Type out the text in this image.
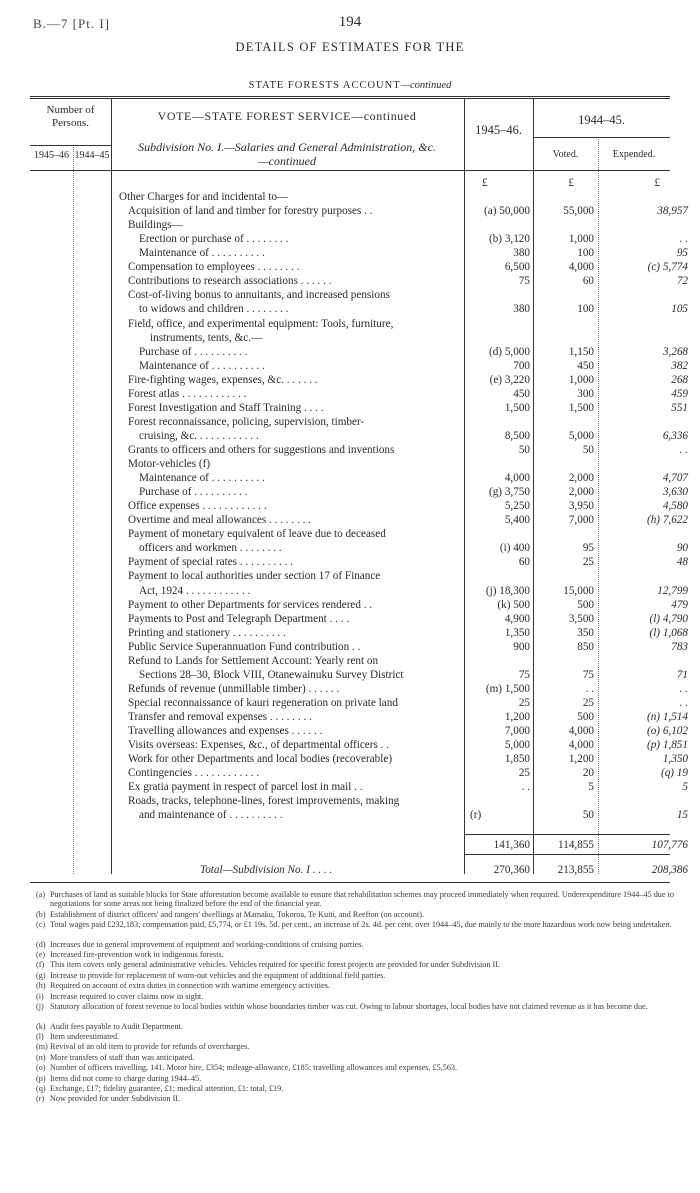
B.—7 [Pt. I]	194
DETAILS OF ESTIMATES FOR THE
STATE FORESTS ACCOUNT—continued
Number of Persons.
1945–46 1944–45
VOTE—STATE FOREST SERVICE—continued
Subdivision No. I.—Salaries and General Administration, &c.
—continued
1945–46.
1944–45.
Voted.	Expended.
£	£	£
Other Charges for and incidental to—
Acquisition of land and timber for forestry purposes . .	(a) 50,000	55,000	38,957
Buildings—
Erection or purchase of . . . . . . . .	(b) 3,120	1,000	. .
Maintenance of . . . . . . . . . .	380	100	95
Compensation to employees . . . . . . . .	6,500	4,000	(c) 5,774
Contributions to research associations . . . . . .	75	60	72
Cost-of-living bonus to annuitants, and increased pensions
to widows and children . . . . . . . .	380	100	105
Field, office, and experimental equipment: Tools, furniture,
instruments, tents, &c.—
Purchase of . . . . . . . . . .	(d) 5,000	1,150	3,268
Maintenance of . . . . . . . . . .	700	450	382
Fire-fighting wages, expenses, &c. . . . . . .	(e) 3,220	1,000	268
Forest atlas . . . . . . . . . . . .	450	300	459
Forest Investigation and Staff Training . . . .	1,500	1,500	551
Forest reconnaissance, policing, supervision, timber-
cruising, &c. . . . . . . . . . . .	8,500	5,000	6,336
Grants to officers and others for suggestions and inventions	50	50	. .
Motor-vehicles (f)
Maintenance of . . . . . . . . . .	4,000	2,000	4,707
Purchase of . . . . . . . . . .	(g) 3,750	2,000	3,630
Office expenses . . . . . . . . . . . .	5,250	3,950	4,580
Overtime and meal allowances . . . . . . . .	5,400	7,000	(h) 7,622
Payment of monetary equivalent of leave due to deceased
officers and workmen . . . . . . . .	(i) 400	95	90
Payment of special rates . . . . . . . . . .	60	25	48
Payment to local authorities under section 17 of Finance
Act, 1924 . . . . . . . . . . . .	(j) 18,300	15,000	12,799
Payment to other Departments for services rendered . .	(k) 500	500	479
Payments to Post and Telegraph Department . . . .	4,900	3,500	(l) 4,790
Printing and stationery . . . . . . . . . .	1,350	350	(l) 1,068
Public Service Superannuation Fund contribution . .	900	850	783
Refund to Lands for Settlement Account: Yearly rent on
Sections 28–30, Block VIII, Otanewainuku Survey District	75	75	71
Refunds of revenue (unmillable timber) . . . . . .	(m) 1,500	. .	. .
Special reconnaissance of kauri regeneration on private land	25	25	. .
Transfer and removal expenses . . . . . . . .	1,200	500	(n) 1,514
Travelling allowances and expenses . . . . . .	7,000	4,000	(o) 6,102
Visits overseas: Expenses, &c., of departmental officers . .	5,000	4,000	(p) 1,851
Work for other Departments and local bodies (recoverable)	1,850	1,200	1,350
Contingencies . . . . . . . . . . . .	25	20	(q) 19
Ex gratia payment in respect of parcel lost in mail . .	. .	5	5
Roads, tracks, telephone-lines, forest improvements, making
and maintenance of . . . . . . . . . .	(r)	50	15
141,360	114,855	107,776
Total—Subdivision No. I . . . .	270,360 213,855	208,386
(a) Purchases of land as suitable blocks for State afforestation become available to ensure that rehabilitation schemes may proceed immediately when required. Underexpenditure 1944–45 due to negotiations for some areas not being finalized before the end of the financial year.
(b) Establishment of district officers' and rangers' dwellings at Mamaku, Tokoroa, Te Kuiti, and Reefton (on account).
(c) Total wages paid £232,183; compensation paid, £5,774, or £1 19s. 5d. per cent., an increase of 2s. 4d. per cent. over 1944–45, due mainly to the more hazardous work now being undertaken.
(d) Increases due to general improvement of equipment and working-conditions of cruising parties.
(e) Increased fire-prevention work in indigenous forests.
(f) This item covers only general administrative vehicles. Vehicles required for specific forest projects are provided for under Subdivision II.
(g) Increase to provide for replacement of worn-out vehicles and the equipment of additional field parties.
(h) Required on account of extra duties in connection with wartime emergency activities.
(i) Increase required to cover claims now in sight.
(j) Statutory allocation of forest revenue to local bodies within whose boundaries timber was cut. Owing to labour shortages, local bodies have not claimed revenue as it has become due.
(k) Audit fees payable to Audit Department.
(l) Item underestimated.
(m) Revival of an old item to provide for refunds of overcharges.
(n) More transfers of staff than was anticipated.
(o) Number of officers travelling, 141. Motor hire, £354; mileage-allowance, £185; travelling allowances and expenses, £5,563.
(p) Items did not come to charge during 1944–45.
(q) Exchange, £17; fidelity guarantee, £1; medical attention, £1: total, £19.
(r) Now provided for under Subdivision II.
